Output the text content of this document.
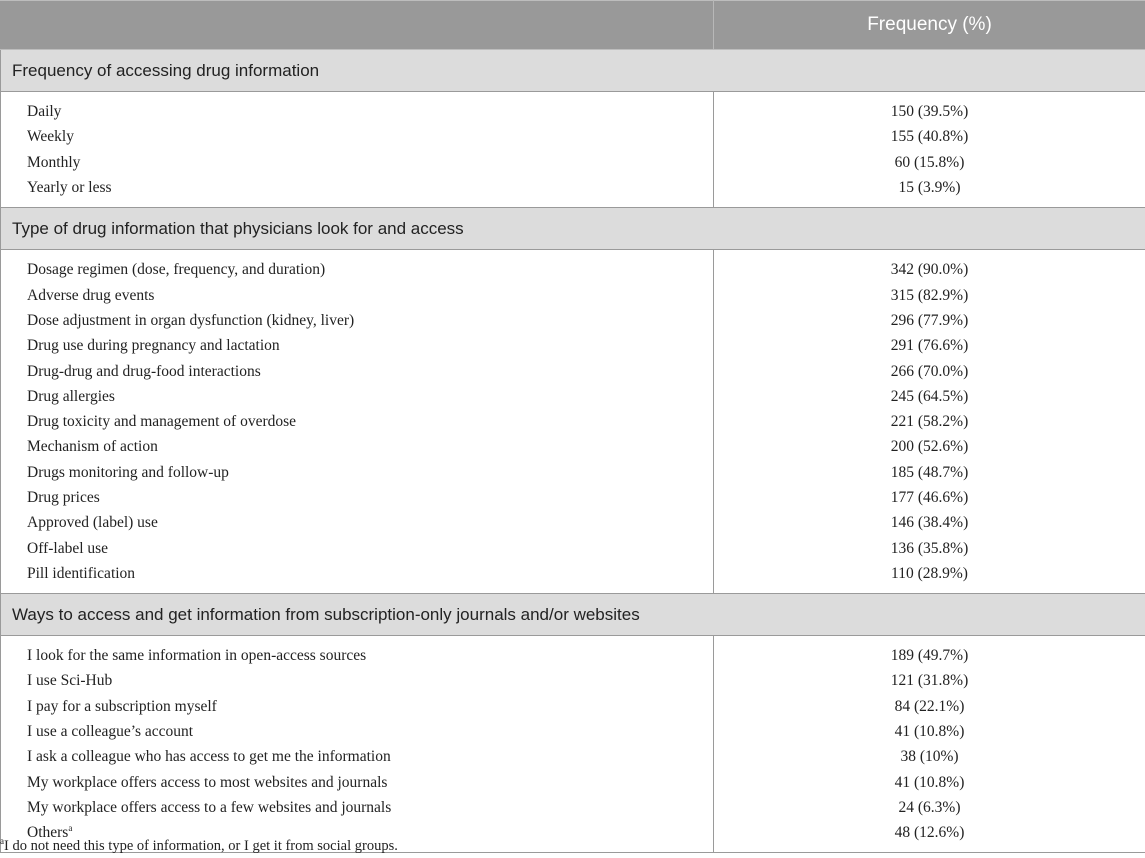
	Frequency (%)
Frequency of accessing drug information	
Daily	150 (39.5%)
Weekly	155 (40.8%)
Monthly	60 (15.8%)
Yearly or less	15 (3.9%)
Type of drug information that physicians look for and access	
Dosage regimen (dose, frequency, and duration)	342 (90.0%)
Adverse drug events	315 (82.9%)
Dose adjustment in organ dysfunction (kidney, liver)	296 (77.9%)
Drug use during pregnancy and lactation	291 (76.6%)
Drug-drug and drug-food interactions	266 (70.0%)
Drug allergies	245 (64.5%)
Drug toxicity and management of overdose	221 (58.2%)
Mechanism of action	200 (52.6%)
Drugs monitoring and follow-up	185 (48.7%)
Drug prices	177 (46.6%)
Approved (label) use	146 (38.4%)
Off-label use	136 (35.8%)
Pill identification	110 (28.9%)
Ways to access and get information from subscription-only journals and/or websites	
I look for the same information in open-access sources	189 (49.7%)
I use Sci-Hub	121 (31.8%)
I pay for a subscription myself	84 (22.1%)
I use a colleague’s account	41 (10.8%)
I ask a colleague who has access to get me the information	38 (10%)
My workplace offers access to most websites and journals	41 (10.8%)
My workplace offers access to a few websites and journals	24 (6.3%)
Others$^a$	48 (12.6%)
$^a$I do not need this type of information, or I get it from social groups.
